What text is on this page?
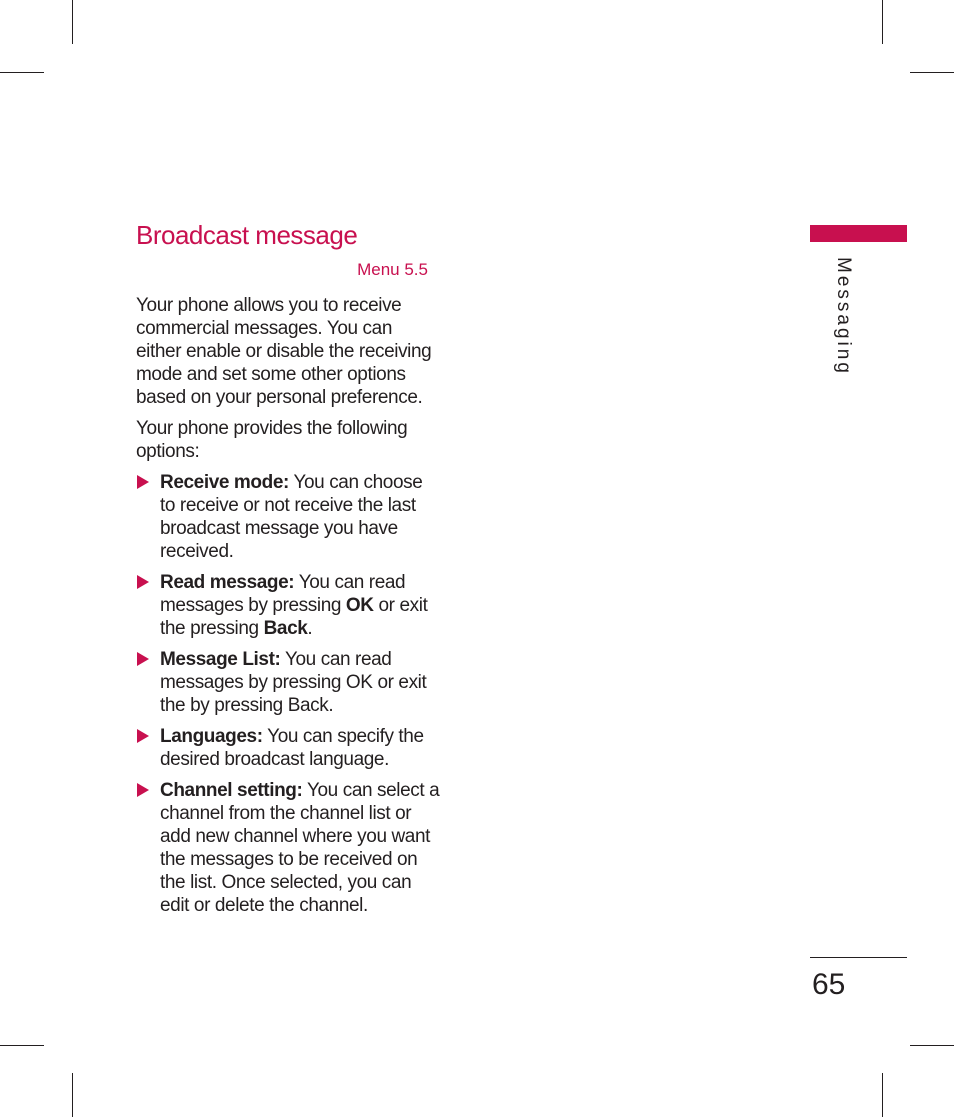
Broadcast message
Menu 5.5

Your phone allows you to receive commercial messages. You can either enable or disable the receiving mode and set some other options based on your personal preference.

Your phone provides the following options:

Receive mode: You can choose to receive or not receive the last broadcast message you have received.
Read message: You can read messages by pressing OK or exit the pressing Back.
Message List: You can read messages by pressing OK or exit the by pressing Back.
Languages: You can specify the desired broadcast language.
Channel setting: You can select a channel from the channel list or add new channel where you want the messages to be received on the list. Once selected, you can edit or delete the channel.
Messaging
65
